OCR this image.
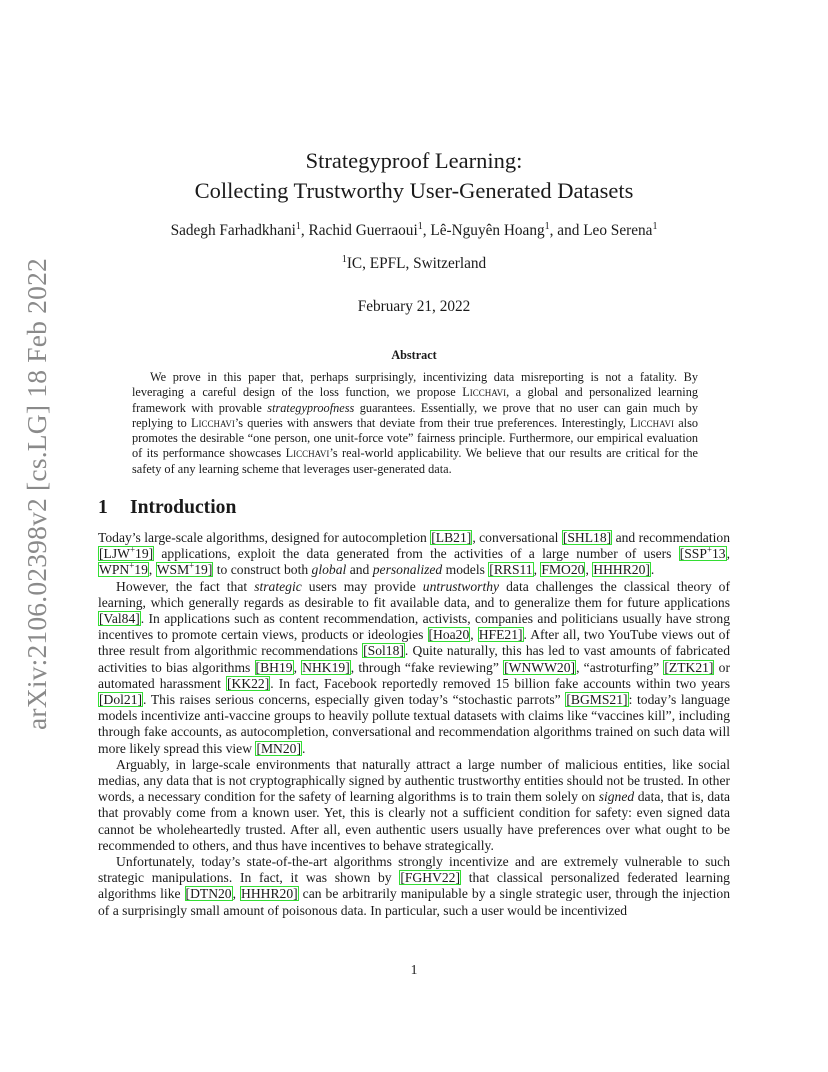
arXiv:2106.02398v2 [cs.LG] 18 Feb 2022
Strategyproof Learning:
Collecting Trustworthy User-Generated Datasets
Sadegh Farhadkhani$^1$, Rachid Guerraoui$^1$, Lê-Nguyên Hoang$^1$, and Leo Serena$^1$
$^1$IC, EPFL, Switzerland
February 21, 2022
Abstract
We prove in this paper that, perhaps surprisingly, incentivizing data misreporting is not a fatality. By leveraging a careful design of the loss function, we propose Licchavi, a global and personalized learning framework with provable strategyproofness guarantees. Essentially, we prove that no user can gain much by replying to Licchavi’s queries with answers that deviate from their true preferences. Interestingly, Licchavi also promotes the desirable “one person, one unit-force vote” fairness principle. Furthermore, our empirical evaluation of its performance showcases Licchavi’s real-world applicability. We believe that our results are critical for the safety of any learning scheme that leverages user-generated data.
1 Introduction

Today’s large-scale algorithms, designed for autocompletion [LB21], conversational [SHL18] and recommendation [LJW+19] applications, exploit the data generated from the activities of a large number of users [SSP+13, WPN+19, WSM+19] to construct both global and personalized models [RRS11, FMO20, HHHR20].

However, the fact that strategic users may provide untrustworthy data challenges the classical theory of learning, which generally regards as desirable to fit available data, and to generalize them for future applications [Val84]. In applications such as content recommendation, activists, companies and politicians usually have strong incentives to promote certain views, products or ideologies [Hoa20, HFE21]. After all, two YouTube views out of three result from algorithmic recommendations [Sol18]. Quite naturally, this has led to vast amounts of fabricated activities to bias algorithms [BH19, NHK19], through “fake reviewing” [WNWW20], “astroturfing” [ZTK21] or automated harassment [KK22]. In fact, Facebook reportedly removed 15 billion fake accounts within two years [Dol21]. This raises serious concerns, especially given today’s “stochastic parrots” [BGMS21]: today’s language models incentivize anti-vaccine groups to heavily pollute textual datasets with claims like “vaccines kill”, including through fake accounts, as autocompletion, conversational and recommendation algorithms trained on such data will more likely spread this view [MN20].

Arguably, in large-scale environments that naturally attract a large number of malicious entities, like social medias, any data that is not cryptographically signed by authentic trustworthy entities should not be trusted. In other words, a necessary condition for the safety of learning algorithms is to train them solely on signed data, that is, data that provably come from a known user. Yet, this is clearly not a sufficient condition for safety: even signed data cannot be wholeheartedly trusted. After all, even authentic users usually have preferences over what ought to be recommended to others, and thus have incentives to behave strategically.

Unfortunately, today’s state-of-the-art algorithms strongly incentivize and are extremely vulnerable to such strategic manipulations. In fact, it was shown by [FGHV22] that classical personalized federated learning algorithms like [DTN20, HHHR20] can be arbitrarily manipulable by a single strategic user, through the injection of a surprisingly small amount of poisonous data. In particular, such a user would be incentivized

1
